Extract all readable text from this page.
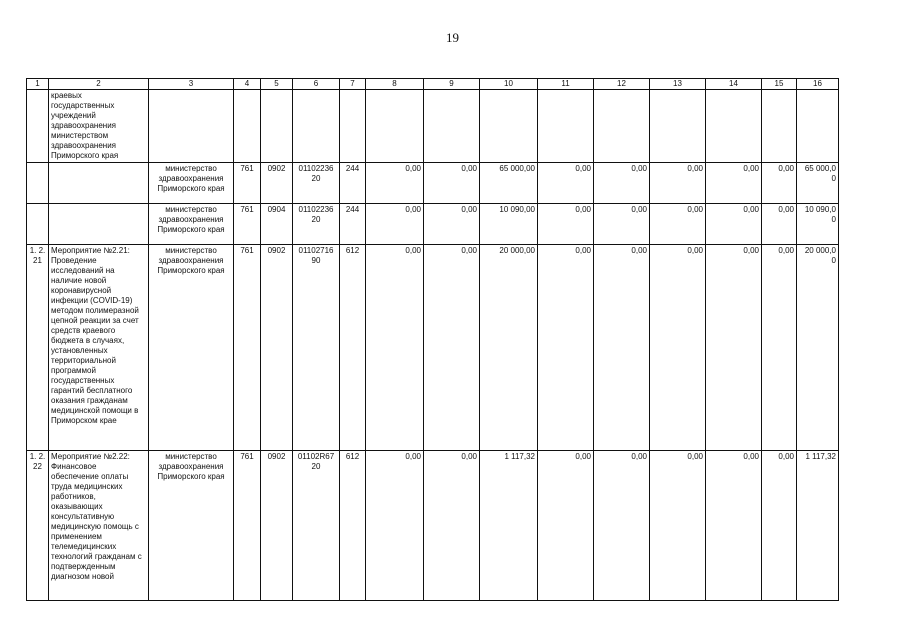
19
1	2	3	4	5	6	7	8	9	10	11	12	13	14	15	16
	краевых государственных учреждений здравоохранения министерством здравоохранения Приморского края														
		министерство здравоохранения Приморского края	761	0902	01102236 20	244	0,00	0,00	65 000,00	0,00	0,00	0,00	0,00	0,00	65 000,0 0
		министерство здравоохранения Приморского края	761	0904	01102236 20	244	0,00	0,00	10 090,00	0,00	0,00	0,00	0,00	0,00	10 090,0 0
1. 2. 21	Мероприятие №2.21: Проведение исследований на наличие новой коронавирусной инфекции (COVID-19) методом полимеразной цепной реакции за счет средств краевого бюджета в случаях, установленных территориальной программой государственных гарантий бесплатного оказания гражданам медицинской помощи в Приморском крае	министерство здравоохранения Приморского края	761	0902	01102716 90	612	0,00	0,00	20 000,00	0,00	0,00	0,00	0,00	0,00	20 000,0 0
1. 2. 22	Мероприятие №2.22: Финансовое обеспечение оплаты труда медицинских работников, оказывающих консультативную медицинскую помощь с применением телемедицинских технологий гражданам с подтвержденным диагнозом новой	министерство здравоохранения Приморского края	761	0902	01102R67 20	612	0,00	0,00	1 117,32	0,00	0,00	0,00	0,00	0,00	1 117,32
